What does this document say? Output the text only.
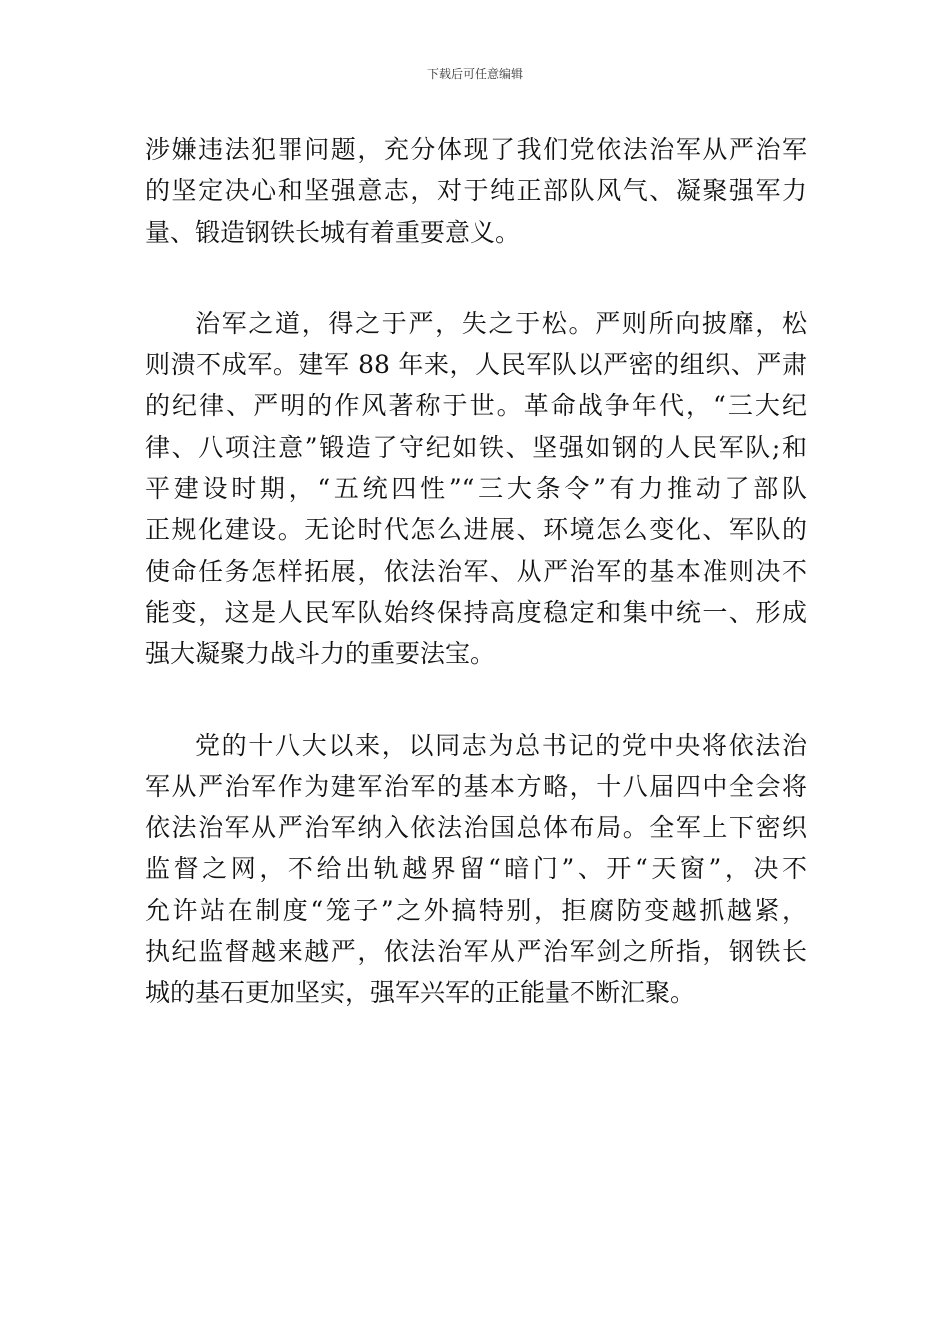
下载后可任意编辑
涉嫌违法犯罪问题，充分体现了我们党依法治军从严治军
的坚定决心和坚强意志，对于纯正部队风气、凝聚强军力
量、锻造钢铁长城有着重要意义。
治军之道，得之于严，失之于松。严则所向披靡，松
则溃不成军。建军 88 年来，人民军队以严密的组织、严肃
的纪律、严明的作风著称于世。革命战争年代，“三大纪
律、八项注意”锻造了守纪如铁、坚强如钢的人民军队;和
平建设时期，“五统四性”“三大条令”有力推动了部队
正规化建设。无论时代怎么进展、环境怎么变化、军队的
使命任务怎样拓展，依法治军、从严治军的基本准则决不
能变，这是人民军队始终保持高度稳定和集中统一、形成
强大凝聚力战斗力的重要法宝。
党的十八大以来，以同志为总书记的党中央将依法治
军从严治军作为建军治军的基本方略，十八届四中全会将
依法治军从严治军纳入依法治国总体布局。全军上下密织
监督之网，不给出轨越界留“暗门”、开“天窗”，决不
允许站在制度“笼子”之外搞特别，拒腐防变越抓越紧，
执纪监督越来越严，依法治军从严治军剑之所指，钢铁长
城的基石更加坚实，强军兴军的正能量不断汇聚。
